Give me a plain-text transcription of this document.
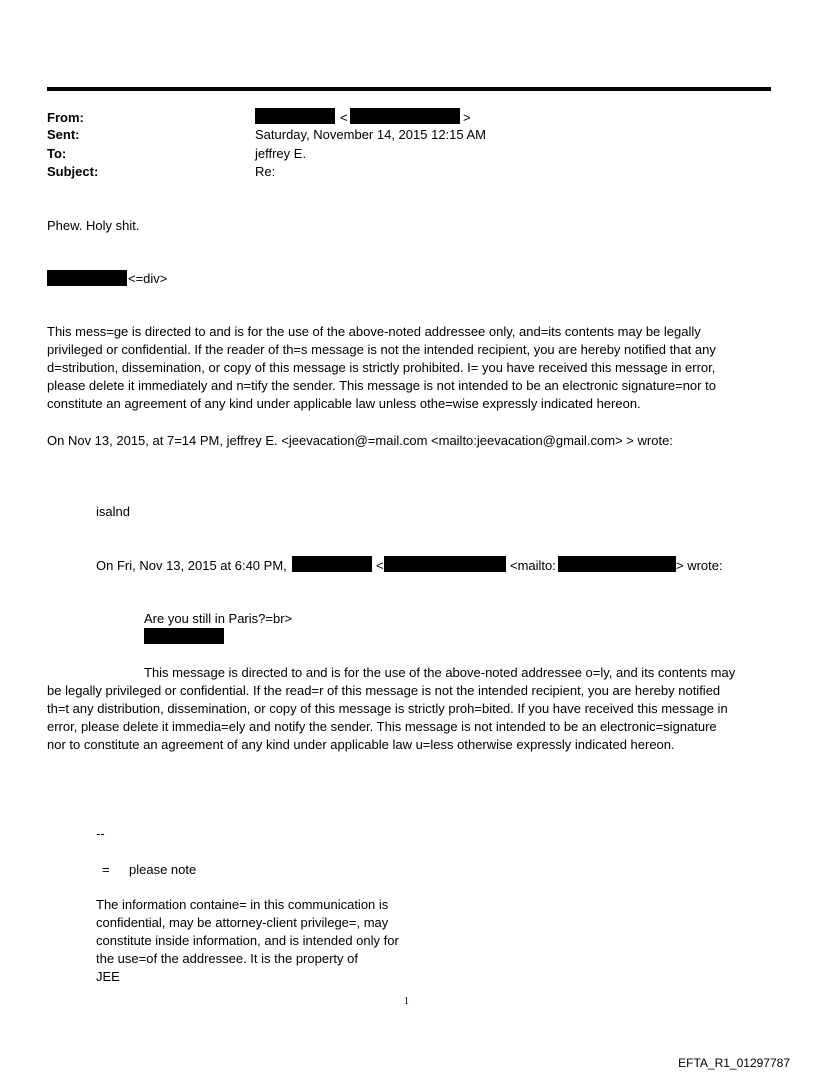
From:	<	>
Sent:	Saturday, November 14, 2015 12:15 AM
To:	jeffrey E.
Subject:	Re:
Phew. Holy shit.
<=div>
This mess=ge is directed to and is for the use of the above-noted addressee only, and=its contents may be legally
privileged or confidential. If the reader of th=s message is not the intended recipient, you are hereby notified that any
d=stribution, dissemination, or copy of this message is strictly prohibited. I= you have received this message in error,
please delete it immediately and n=tify the sender. This message is not intended to be an electronic signature=nor to
constitute an agreement of any kind under applicable law unless othe=wise expressly indicated hereon.
On Nov 13, 2015, at 7=14 PM, jeffrey E. <jeevacation@=mail.com <mailto:jeevacation@gmail.com> > wrote:
isalnd
On Fri, Nov 13, 2015 at 6:40 PM,	<	<mailto:	> wrote:
Are you still in Paris?=br>
This message is directed to and is for the use of the above-noted addressee o=ly, and its contents may
be legally privileged or confidential. If the read=r of this message is not the intended recipient, you are hereby notified
th=t any distribution, dissemination, or copy of this message is strictly proh=bited. If you have received this message in
error, please delete it immedia=ely and notify the sender. This message is not intended to be an electronic=signature
nor to constitute an agreement of any kind under applicable law u=less otherwise expressly indicated hereon.
--
= please note
The information containe= in this communication is
confidential, may be attorney-client privilege=, may
constitute inside information, and is intended only for
the use=of the addressee. It is the property of
JEE
1
EFTA_R1_01297787
